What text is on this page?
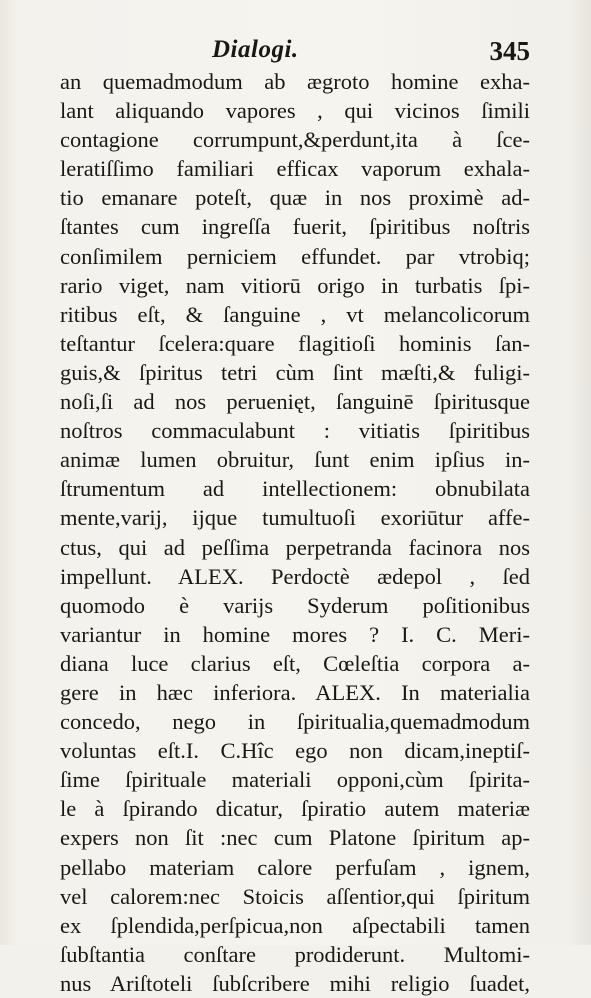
Dialogi.	345
an quemadmodum ab ægroto homine exha-
lant aliquando vapores , qui vicinos ſimili
contagione corrumpunt,&perdunt,ita à ſce-
leratiſſimo familiari efficax vaporum exhala-
tio emanare poteſt, quæ in nos proximè ad-
ſtantes cum ingreſſa fuerit, ſpiritibus noſtris
conſimilem perniciem effundet. par vtrobiq;
rario viget, nam vitiorū origo in turbatis ſpi-
ritibus eſt, & ſanguine , vt melancolicorum
teſtantur ſcelera:quare flagitioſi hominis ſan-
guis,& ſpiritus tetri cùm ſint mæſti,& fuligi-
noſi,ſi ad nos peruenięt, ſanguinē ſpiritusque
noſtros commaculabunt : vitiatis ſpiritibus
animæ lumen obruitur, ſunt enim ipſius in-
ſtrumentum ad intellectionem: obnubilata
mente,varij, ijque tumultuoſi exoriūtur affe-
ctus, qui ad peſſima perpetranda facinora nos
impellunt. ALEX. Perdoctè ædepol , ſed
quomodo è varijs Syderum poſitionibus
variantur in homine mores ? I. C. Meri-
diana luce clarius eſt, Cœleſtia corpora a-
gere in hæc inferiora. ALEX. In materialia
concedo, nego in ſpiritualia,quemadmodum
voluntas eſt.I. C.Hîc ego non dicam,ineptiſ-
ſime ſpirituale materiali opponi,cùm ſpirita-
le à ſpirando dicatur, ſpiratio autem materiæ
expers non ſit :nec cum Platone ſpiritum ap-
pellabo materiam calore perfuſam , ignem,
vel calorem:nec Stoicis aſſentior,qui ſpiritum
ex ſplendida,perſpicua,non aſpectabili tamen
ſubſtantia conſtare prodiderunt. Multomi-
nus Ariſtoteli ſubſcribere mihi religio ſuadet,
